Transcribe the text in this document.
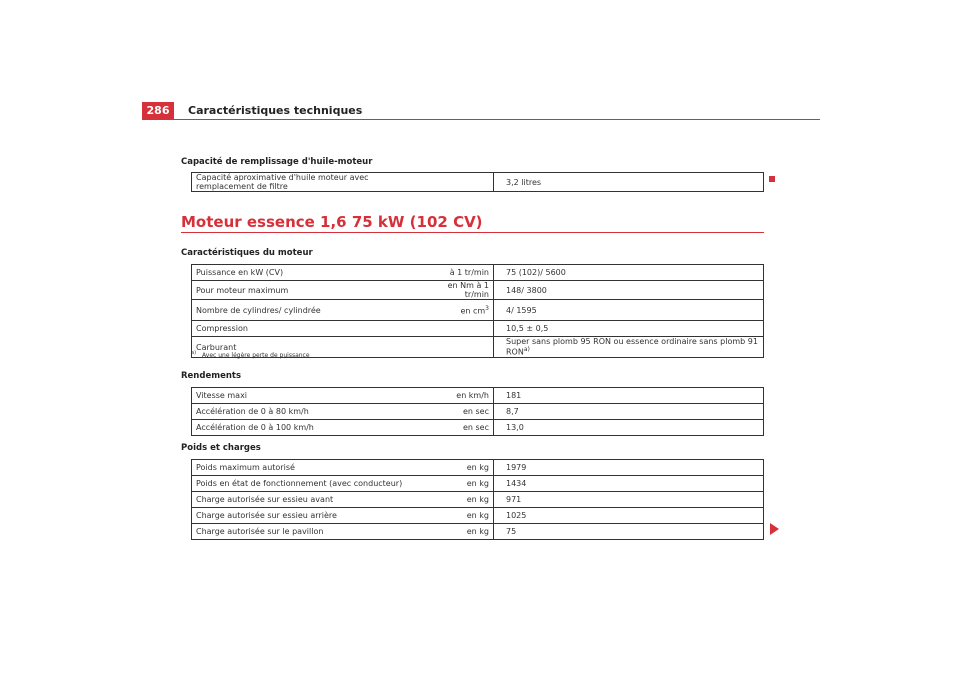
286	Caractéristiques techniques
Capacité de remplissage d'huile-moteur
Capacité aproximative d'huile moteur avec remplacement de filtre		3,2 litres
Moteur essence 1,6 75 kW (102 CV)
Caractéristiques du moteur
Puissance en kW (CV)	à 1 tr/min	75 (102)/ 5600
Pour moteur maximum	en Nm à 1 tr/min	148/ 3800
Nombre de cylindres/ cylindrée	en $cm^3$	4/ 1595
Compression		10,5 ± 0,5
Carburant		Super sans plomb 95 RON ou essence ordinaire sans plomb 91 RON$^{a)}$
$^{a)}$ Avec une légère perte de puissance
Rendements
Vitesse maxi	en km/h	181
Accélération de 0 à 80 km/h	en sec	8,7
Accélération de 0 à 100 km/h	en sec	13,0
Poids et charges
Poids maximum autorisé	en kg	1979
Poids en état de fonctionnement (avec conducteur)	en kg	1434
Charge autorisée sur essieu avant	en kg	971
Charge autorisée sur essieu arrière	en kg	1025
Charge autorisée sur le pavillon	en kg	75
